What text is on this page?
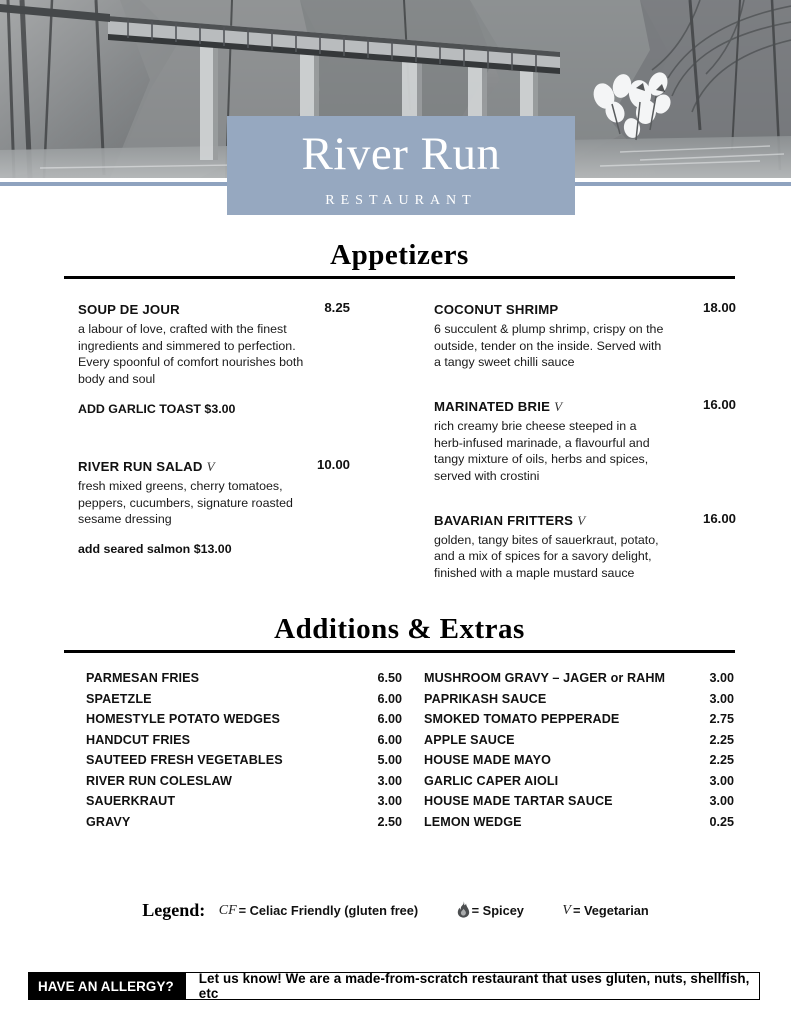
River Run
RESTAURANT
Appetizers
SOUP DE JOUR	8.25
a labour of love, crafted with the finest ingredients and simmered to perfection. Every spoonful of comfort nourishes both body and soul
ADD GARLIC TOAST $3.00
RIVER RUN SALAD V	10.00
fresh mixed greens, cherry tomatoes, peppers, cucumbers, signature roasted sesame dressing
add seared salmon $13.00
COCONUT SHRIMP	18.00
6 succulent & plump shrimp, crispy on the outside, tender on the inside. Served with a tangy sweet chilli sauce
MARINATED BRIE V	16.00
rich creamy brie cheese steeped in a herb-infused marinade, a flavourful and tangy mixture of oils, herbs and spices, served with crostini
BAVARIAN FRITTERS V	16.00
golden, tangy bites of sauerkraut, potato, and a mix of spices for a savory delight, finished with a maple mustard sauce
Additions & Extras
PARMESAN FRIES	6.50
SPAETZLE	6.00
HOMESTYLE POTATO WEDGES	6.00
HANDCUT FRIES	6.00
SAUTEED FRESH VEGETABLES	5.00
RIVER RUN COLESLAW	3.00
SAUERKRAUT	3.00
GRAVY	2.50
MUSHROOM GRAVY – JAGER or RAHM	3.00
PAPRIKASH SAUCE	3.00
SMOKED TOMATO PEPPERADE	2.75
APPLE SAUCE	2.25
HOUSE MADE MAYO	2.25
GARLIC CAPER AIOLI	3.00
HOUSE MADE TARTAR SAUCE	3.00
LEMON WEDGE	0.25
Legend: CF = Celiac Friendly (gluten free)	= Spicey	V = Vegetarian
HAVE AN ALLERGY?	Let us know! We are a made-from-scratch restaurant that uses gluten, nuts, shellfish, etc
